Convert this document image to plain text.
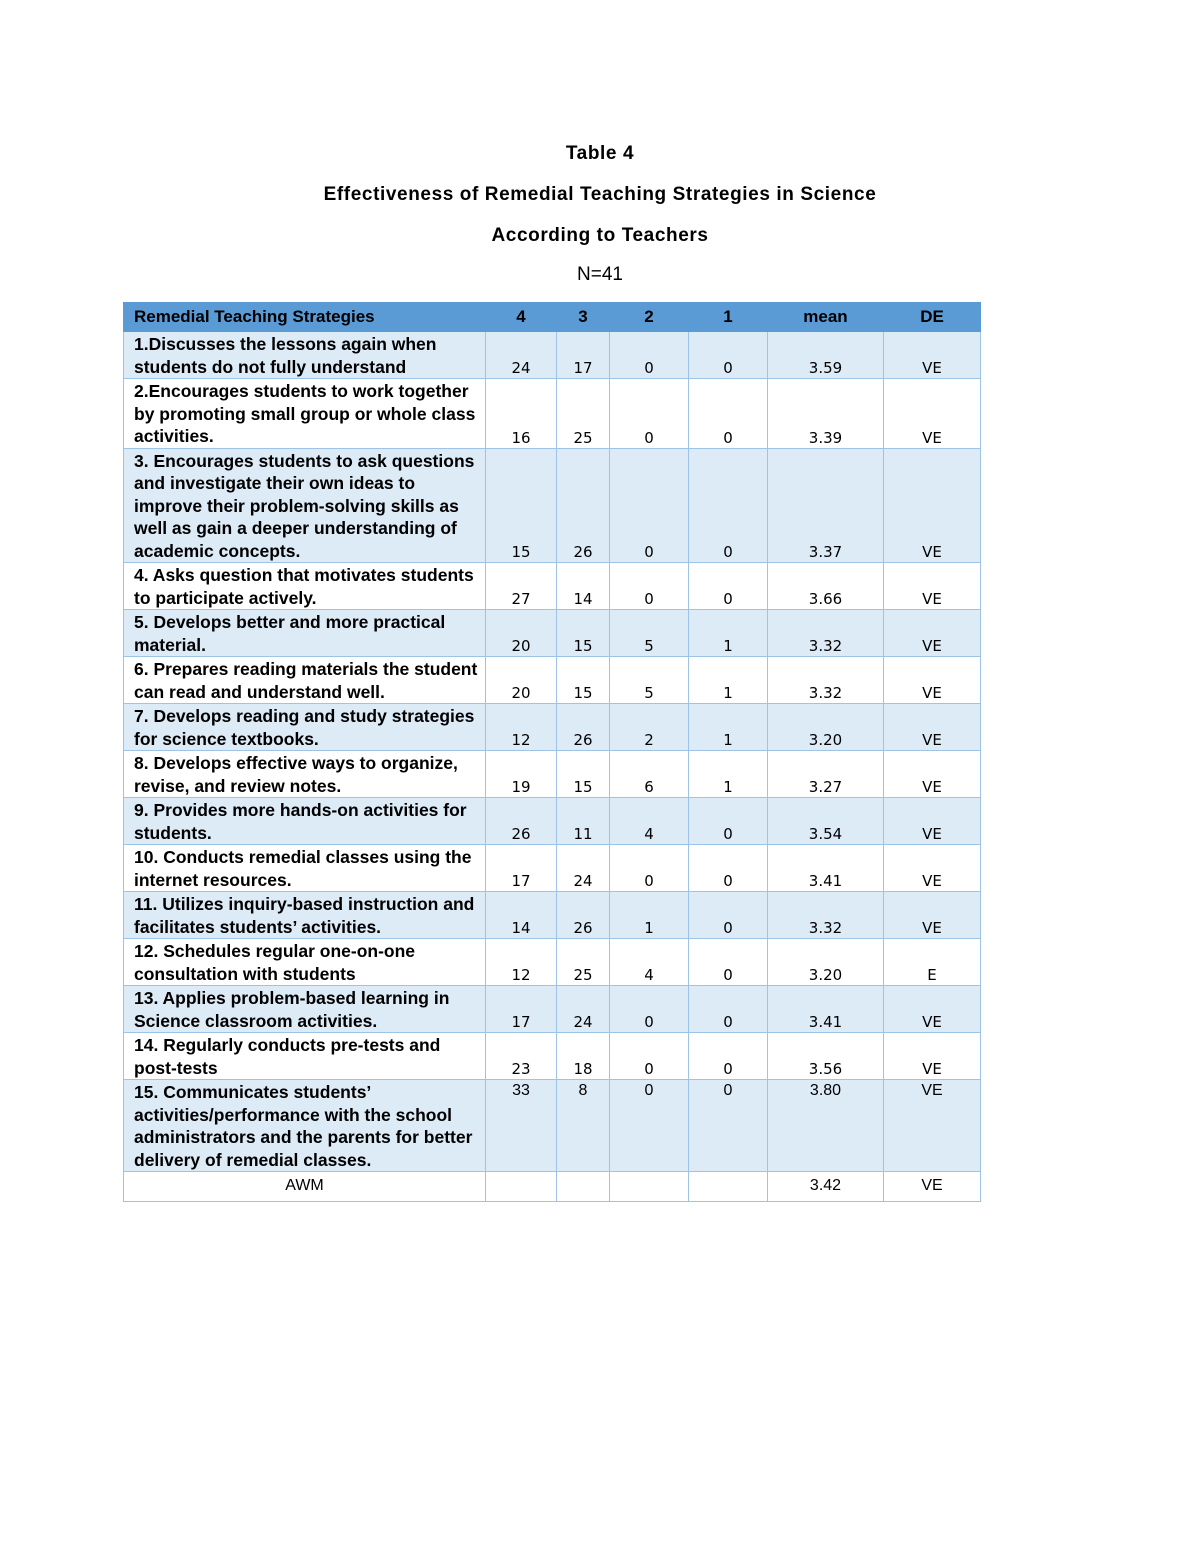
Table 4
Effectiveness of Remedial Teaching Strategies in Science
According to Teachers
N=41
Remedial Teaching Strategies	4	3	2	1	mean	DE
1.Discusses the lessons again when students do not fully understand	24	17	0	0	3.59	VE
2.Encourages students to work together by promoting small group or whole class activities.	16	25	0	0	3.39	VE
3. Encourages students to ask questions and investigate their own ideas to improve their problem-solving skills as well as gain a deeper understanding of academic concepts.	15	26	0	0	3.37	VE
4. Asks question that motivates students to participate actively.	27	14	0	0	3.66	VE
5. Develops better and more practical material.	20	15	5	1	3.32	VE
6. Prepares reading materials the student can read and understand well.	20	15	5	1	3.32	VE
7. Develops reading and study strategies for science textbooks.	12	26	2	1	3.20	VE
8. Develops effective ways to organize, revise, and review notes.	19	15	6	1	3.27	VE
9. Provides more hands-on activities for students.	26	11	4	0	3.54	VE
10. Conducts remedial classes using the internet resources.	17	24	0	0	3.41	VE
11. Utilizes inquiry-based instruction and facilitates students’ activities.	14	26	1	0	3.32	VE
12. Schedules regular one-on-one consultation with students	12	25	4	0	3.20	E
13. Applies problem-based learning in Science classroom activities.	17	24	0	0	3.41	VE
14. Regularly conducts pre-tests and post-tests	23	18	0	0	3.56	VE
15. Communicates students’ activities/performance with the school administrators and the parents for better delivery of remedial classes.	33	8	0	0	3.80	VE
AWM					3.42	VE
